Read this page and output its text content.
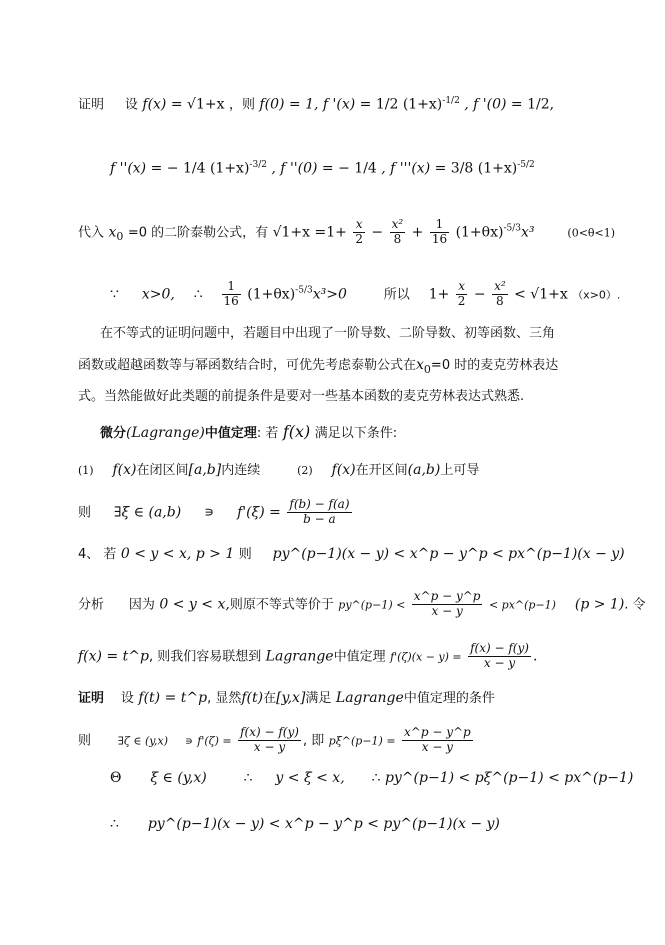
证明 设 f(x) = √1+x ，则 f(0) = 1, f '(x) = 1/2 $(1+x)^{-1/2}$ , f '(0) = 1/2,
f ''(x) = − 1/4 $(1+x)^{-3/2}$ , f ''(0) = − 1/4 , f '''(x) = 3/8 $(1+x)^{-5/2}$
代入 $x_0 =0$ 的二阶泰勒公式，有 $√1+x =1+ \frac{x}{2} - \frac{\text{x²}}{8} + \frac{1}{16} (1+\theta x)^{-5/3}x^3$	(0<θ<1)
∵ x>0, ∴ $\frac{1}{16} (1+\theta x)^{-5/3}x^3>0$	所以 $1+ \frac{x}{2} - \frac{\text{x²}}{8} < √1+x$ （x>0）.
在不等式的证明问题中，若题目中出现了一阶导数、二阶导数、初等函数、三角
函数或超越函数等与幂函数结合时，可优先考虑泰勒公式在$x_0=0$ 时的麦克劳林表达
式。当然能做好此类题的前提条件是要对一些基本函数的麦克劳林表达式熟悉.
微分(Lagrange)中值定理: 若 f(x) 满足以下条件:
(1) f(x)在闭区间[a,b]内连续	(2) f(x)在开区间(a,b)上可导
则 ∃ξ ∈ (a,b) ∍ $f'(\xi) = \frac{f(b) - f(a)}{b - a}$
4、 若 0 < y < x, p > 1 则 py^(p−1)(x − y) < x^p − y^p < px^(p−1)(x − y)
分析 因为 0 < y < x,则原不等式等价于 py^(p−1) < $\frac{x\^{}p - y\^{}p}{x - y}$ < px^(p−1) (p > 1). 令
f(x) = t^p, 则我们容易联想到 Lagrange中值定理 $f'(\zeta)(x - y) = \frac{f(x) - f(y)}{x - y}$ .
证明 设 f(t) = t^p, 显然f(t)在[y,x]满足 Lagrange中值定理的条件
则 ∃ζ ∈ (y,x) ∍ $f'(\zeta) = \frac{f(x) - f(y)}{x - y}$ , 即 pξ^(p−1) = $\frac{x\^{}p - y\^{}p}{x - y}$
Θ ξ ∈ (y,x)	∴ y < ξ < x, ∴ py^(p−1) < pξ^(p−1) < px^(p−1)
∴ py^(p−1)(x − y) < x^p − y^p < py^(p−1)(x − y)
